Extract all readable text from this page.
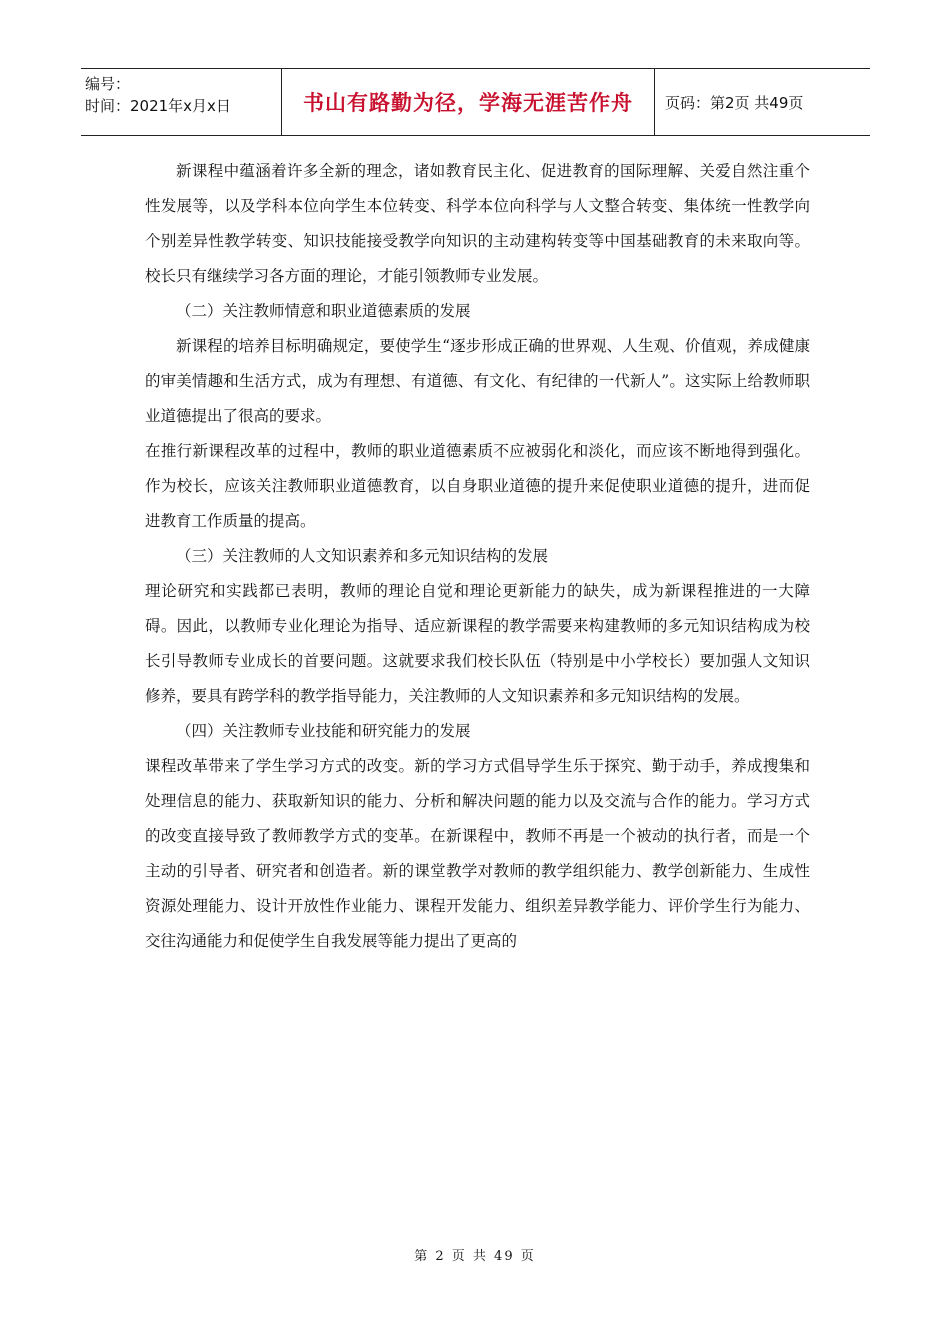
编号：
时间：2021年x月x日	书山有路勤为径，学海无涯苦作舟	页码：第2页 共49页

新课程中蕴涵着许多全新的理念，诸如教育民主化、促进教育的国际理解、关爱自然注重个性发展等，以及学科本位向学生本位转变、科学本位向科学与人文整合转变、集体统一性教学向个别差异性教学转变、知识技能接受教学向知识的主动建构转变等中国基础教育的未来取向等。校长只有继续学习各方面的理论，才能引领教师专业发展。

（二）关注教师情意和职业道德素质的发展

新课程的培养目标明确规定，要使学生“逐步形成正确的世界观、人生观、价值观，养成健康的审美情趣和生活方式，成为有理想、有道德、有文化、有纪律的一代新人”。这实际上给教师职业道德提出了很高的要求。

在推行新课程改革的过程中，教师的职业道德素质不应被弱化和淡化，而应该不断地得到强化。作为校长，应该关注教师职业道德教育，以自身职业道德的提升来促使职业道德的提升，进而促进教育工作质量的提高。

（三）关注教师的人文知识素养和多元知识结构的发展

理论研究和实践都已表明，教师的理论自觉和理论更新能力的缺失，成为新课程推进的一大障碍。因此，以教师专业化理论为指导、适应新课程的教学需要来构建教师的多元知识结构成为校长引导教师专业成长的首要问题。这就要求我们校长队伍（特别是中小学校长）要加强人文知识修养，要具有跨学科的教学指导能力，关注教师的人文知识素养和多元知识结构的发展。

（四）关注教师专业技能和研究能力的发展

课程改革带来了学生学习方式的改变。新的学习方式倡导学生乐于探究、勤于动手，养成搜集和处理信息的能力、获取新知识的能力、分析和解决问题的能力以及交流与合作的能力。学习方式的改变直接导致了教师教学方式的变革。在新课程中，教师不再是一个被动的执行者，而是一个主动的引导者、研究者和创造者。新的课堂教学对教师的教学组织能力、教学创新能力、生成性资源处理能力、设计开放性作业能力、课程开发能力、组织差异教学能力、评价学生行为能力、交往沟通能力和促使学生自我发展等能力提出了更高的

第 2 页 共 49 页
